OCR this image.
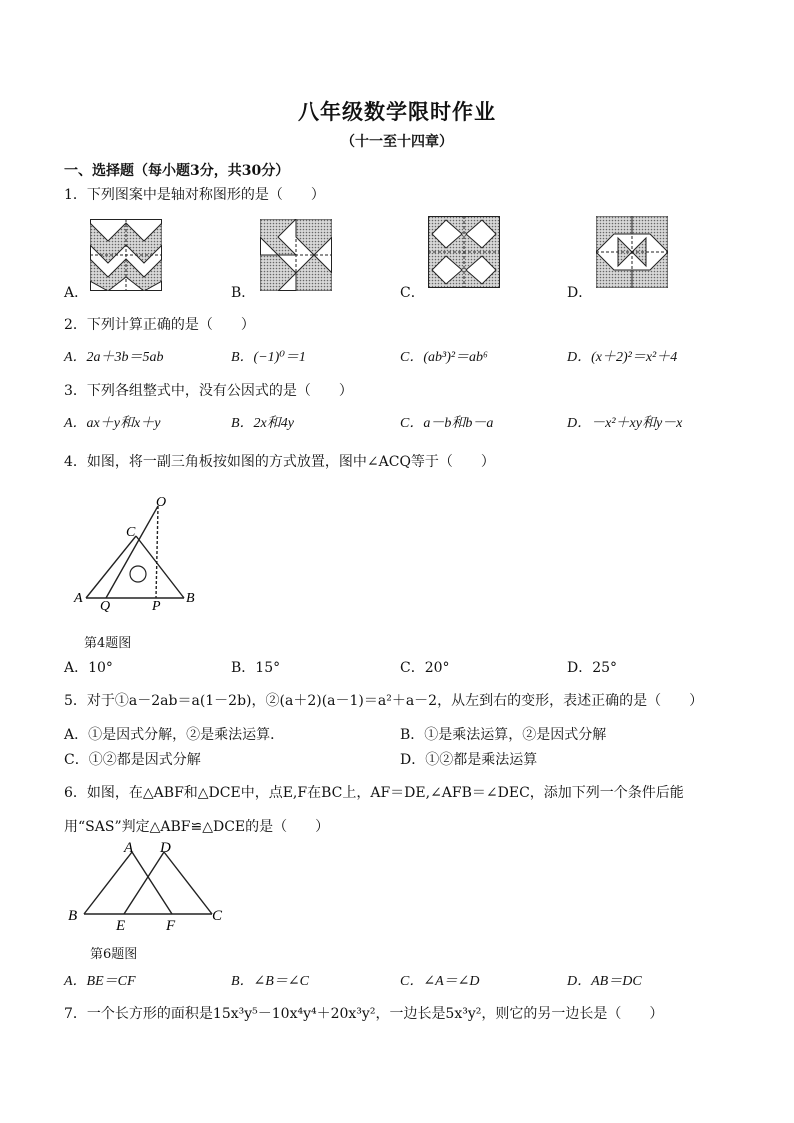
八年级数学限时作业
（十一至十四章）
一、选择题（每小题3分，共30分）
1．下列图案中是轴对称图形的是（　　）
A．	B．	C．	D．
2．下列计算正确的是（　　）
A．2a＋3b＝5ab	B．(−1)⁰＝1	C．(ab³)²＝ab⁶	D．(x＋2)²＝x²＋4
3．下列各组整式中，没有公因式的是（　　）
A．ax＋y和x＋y	B．2x和4y	C．a－b和b－a	D．－x²＋xy和y－x
4．如图，将一副三角板按如图的方式放置，图中∠ACQ等于（　　）
O
C
A
Q	P
B
第4题图
A．10°	B．15°	C．20°	D．25°
5．对于①a－2ab＝a(1－2b)，②(a＋2)(a－1)＝a²＋a－2，从左到右的变形，表述正确的是（　　）
A．①是因式分解，②是乘法运算．	B．①是乘法运算，②是因式分解
C．①②都是因式分解	D．①②都是乘法运算
6．如图，在△ABF和△DCE中，点E,F在BC上，AF＝DE,∠AFB＝∠DEC，添加下列一个条件后能
用“SAS”判定△ABF≌△DCE的是（　　）
A D
B
E	F
C
第6题图
A．BE＝CF	B．∠B＝∠C	C．∠A＝∠D	D．AB＝DC
7．一个长方形的面积是15x³y⁵－10x⁴y⁴＋20x³y²，一边长是5x³y²，则它的另一边长是（　　）
